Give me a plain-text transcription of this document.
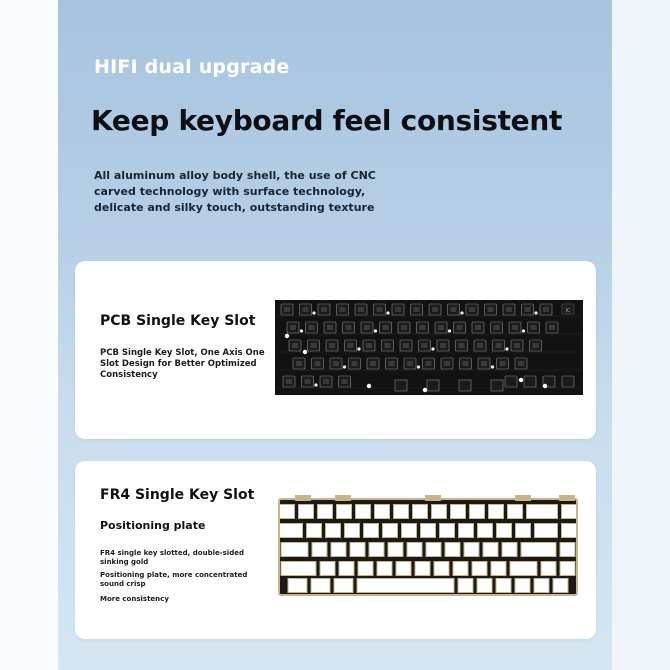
HIFI dual upgrade

Keep keyboard feel consistent

All aluminum alloy body shell, the use of CNC carved technology with surface technology, delicate and silky touch, outstanding texture

PCB Single Key Slot

PCB Single Key Slot, One Axis One Slot Design for Better Optimized Consistency

IC
FR4 Single Key Slot

Positioning plate

FR4 single key slotted, double-sided sinking gold

Positioning plate, more concentrated sound crisp

More consistency
